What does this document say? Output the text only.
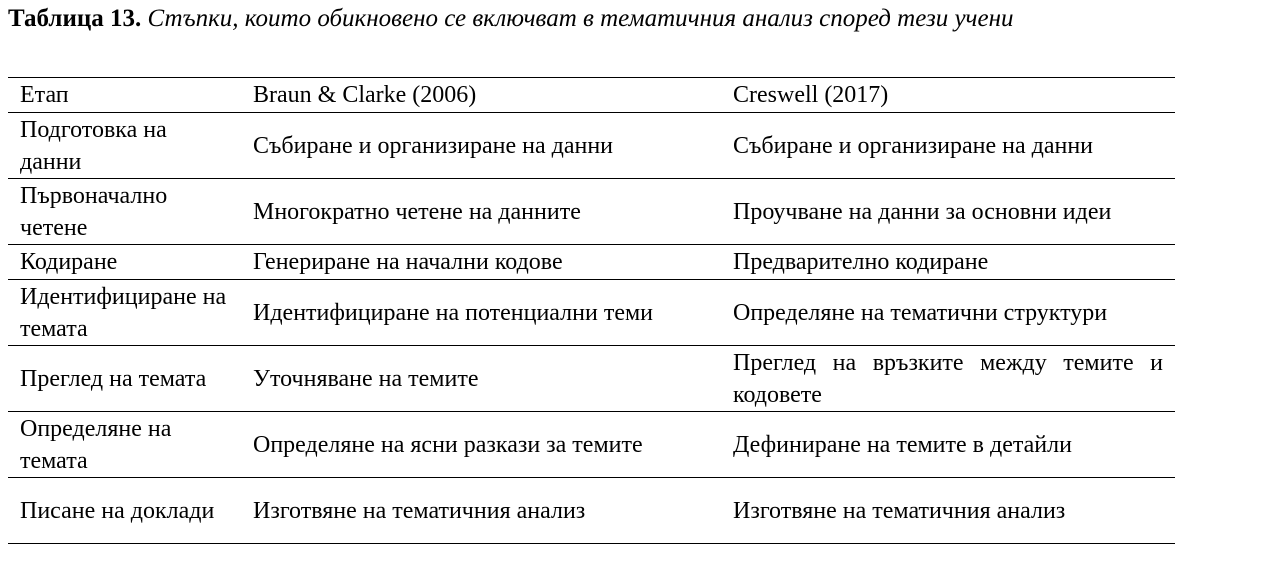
Таблица 13. Стъпки, които обикновено се включват в тематичния анализ според тези учени

Етап	Braun & Clarke (2006)	Creswell (2017)
Подготовка на данни	Събиране и организиране на данни	Събиране и организиране на данни
Първоначално четене	Многократно четене на данните	Проучване на данни за основни идеи
Кодиране	Генериране на начални кодове	Предварително кодиране
Идентифициране на темата	Идентифициране на потенциални теми	Определяне на тематични структури
Преглед на темата	Уточняване на темите	Преглед на връзките между темите и кодовете
Определяне на темата	Определяне на ясни разкази за темите	Дефиниране на темите в детайли
Писане на доклади	Изготвяне на тематичния анализ	Изготвяне на тематичния анализ
